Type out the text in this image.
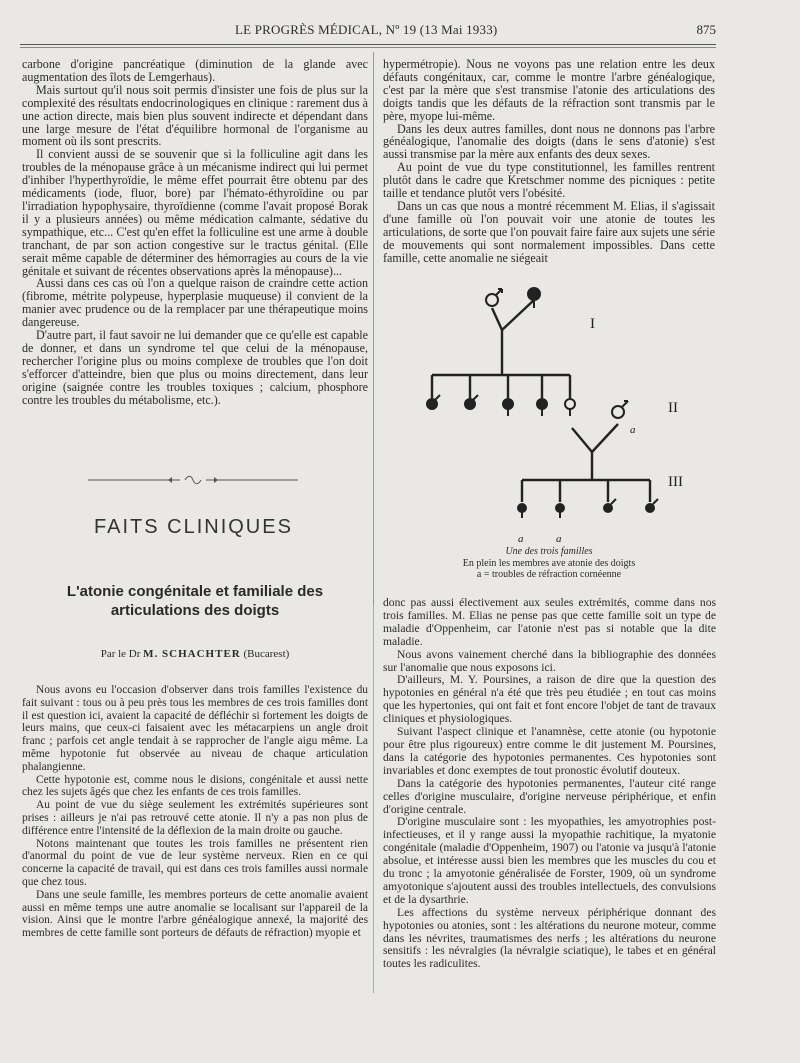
LE PROGRÈS MÉDICAL, Nº 19 (13 Mai 1933)	875

carbone d'origine pancréatique (diminution de la glande avec augmentation des îlots de Lemgerhaus).

Mais surtout qu'il nous soit permis d'insister une fois de plus sur la complexité des résultats endocrinologiques en clinique : rarement dus à une action directe, mais bien plus souvent indirecte et dépendant dans une large mesure de l'état d'équilibre hormonal de l'organisme au moment où ils sont prescrits.

Il convient aussi de se souvenir que si la folliculine agit dans les troubles de la ménopause grâce à un mécanisme indirect qui lui permet d'inhiber l'hyperthyroïdie, le même effet pourrait être obtenu par des médicaments (iode, fluor, bore) par l'hémato-éthyroïdine ou par l'irradiation hypophysaire, thyroïdienne (comme l'avait proposé Borak il y a plusieurs années) ou même médication calmante, sédative du sympathique, etc... C'est qu'en effet la folliculine est une arme à double tranchant, de par son action congestive sur le tractus génital. (Elle serait même capable de déterminer des hémorragies au cours de la vie génitale et suivant de récentes observations après la ménopause)...

Aussi dans ces cas où l'on a quelque raison de craindre cette action (fibrome, métrite polypeuse, hyperplasie muqueuse) il convient de la manier avec prudence ou de la remplacer par une thérapeutique moins dangereuse.

D'autre part, il faut savoir ne lui demander que ce qu'elle est capable de donner, et dans un syndrome tel que celui de la ménopause, rechercher l'origine plus ou moins complexe de troubles que l'on doit s'efforcer d'atteindre, bien que plus ou moins directement, dans leur origine (saignée contre les troubles toxiques ; calcium, phosphore contre les troubles du métabolisme, etc.).

FAITS CLINIQUES
L'atonie congénitale et familiale des articulations des doigts
Par le Dr M. SCHACHTER (Bucarest)

Nous avons eu l'occasion d'observer dans trois familles l'existence du fait suivant : tous ou à peu près tous les membres de ces trois familles dont il est question ici, avaient la capacité de défléchir si fortement les doigts de leurs mains, que ceux-ci faisaient avec les métacarpiens un angle droit franc ; parfois cet angle tendait à se rapprocher de l'angle aigu même. La même hypotonie fut observée au niveau de chaque articulation phalangienne.

Cette hypotonie est, comme nous le disions, congénitale et aussi nette chez les sujets âgés que chez les enfants de ces trois familles.

Au point de vue du siège seulement les extrémités supérieures sont prises : ailleurs je n'ai pas retrouvé cette atonie. Il n'y a pas non plus de différence entre l'intensité de la déflexion de la main droite ou gauche.

Notons maintenant que toutes les trois familles ne présentent rien d'anormal du point de vue de leur système nerveux. Rien en ce qui concerne la capacité de travail, qui est dans ces trois familles aussi normale que chez tous.

Dans une seule famille, les membres porteurs de cette anomalie avaient aussi en même temps une autre anomalie se localisant sur l'appareil de la vision. Ainsi que le montre l'arbre généalogique annexé, la majorité des membres de cette famille sont porteurs de défauts de réfraction) myopie et

hypermétropie). Nous ne voyons pas une relation entre les deux défauts congénitaux, car, comme le montre l'arbre généalogique, c'est par la mère que s'est transmise l'atonie des articulations des doigts tandis que les défauts de la réfraction sont transmis par le père, myope lui-même.

Dans les deux autres familles, dont nous ne donnons pas l'arbre généalogique, l'anomalie des doigts (dans le sens d'atonie) s'est aussi transmise par la mère aux enfants des deux sexes.

Au point de vue du type constitutionnel, les familles rentrent plutôt dans le cadre que Kretschmer nomme des picniques : petite taille et tendance plutôt vers l'obésité.

Dans un cas que nous a montré récemment M. Elias, il s'agissait d'une famille où l'on pouvait voir une atonie de toutes les articulations, de sorte que l'on pouvait faire faire aux sujets une série de mouvements qui sont normalement impossibles. Dans cette famille, cette anomalie ne siégeait

I
II
III
a
a	a
Une des trois familles
En plein les membres ave atonie des doigts
a = troubles de réfraction cornéenne

donc pas aussi électivement aux seules extrémités, comme dans nos trois familles. M. Elias ne pense pas que cette famille soit un type de maladie d'Oppenheim, car l'atonie n'est pas si notable que la dite maladie.

Nous avons vainement cherché dans la bibliographie des données sur l'anomalie que nous exposons ici.

D'ailleurs, M. Y. Poursines, a raison de dire que la question des hypotonies en général n'a été que très peu étudiée ; en tout cas moins que les hypertonies, qui ont fait et font encore l'objet de tant de travaux cliniques et physiologiques.

Suivant l'aspect clinique et l'anamnèse, cette atonie (ou hypotonie pour être plus rigoureux) entre comme le dit justement M. Poursines, dans la catégorie des hypotonies permanentes. Ces hypotonies sont invariables et donc exemptes de tout pronostic évolutif douteux.

Dans la catégorie des hypotonies permanentes, l'auteur cité range celles d'origine musculaire, d'origine nerveuse périphérique, et enfin d'origine centrale.

D'origine musculaire sont : les myopathies, les amyotrophies post-infectieuses, et il y range aussi la myopathie rachitique, la myatonie congénitale (maladie d'Oppenheim, 1907) ou l'atonie va jusqu'à l'atonie absolue, et intéresse aussi bien les membres que les muscles du cou et du tronc ; la amyotonie généralisée de Forster, 1909, où un syndrome amyotonique s'ajoutent aussi des troubles intellectuels, des convulsions et de la dysarthrie.

Les affections du système nerveux périphérique donnant des hypotonies ou atonies, sont : les altérations du neurone moteur, comme dans les névrites, traumatismes des nerfs ; les altérations du neurone sensitifs : les névralgies (la névralgie sciatique), le tabes et en général toutes les radiculites.
